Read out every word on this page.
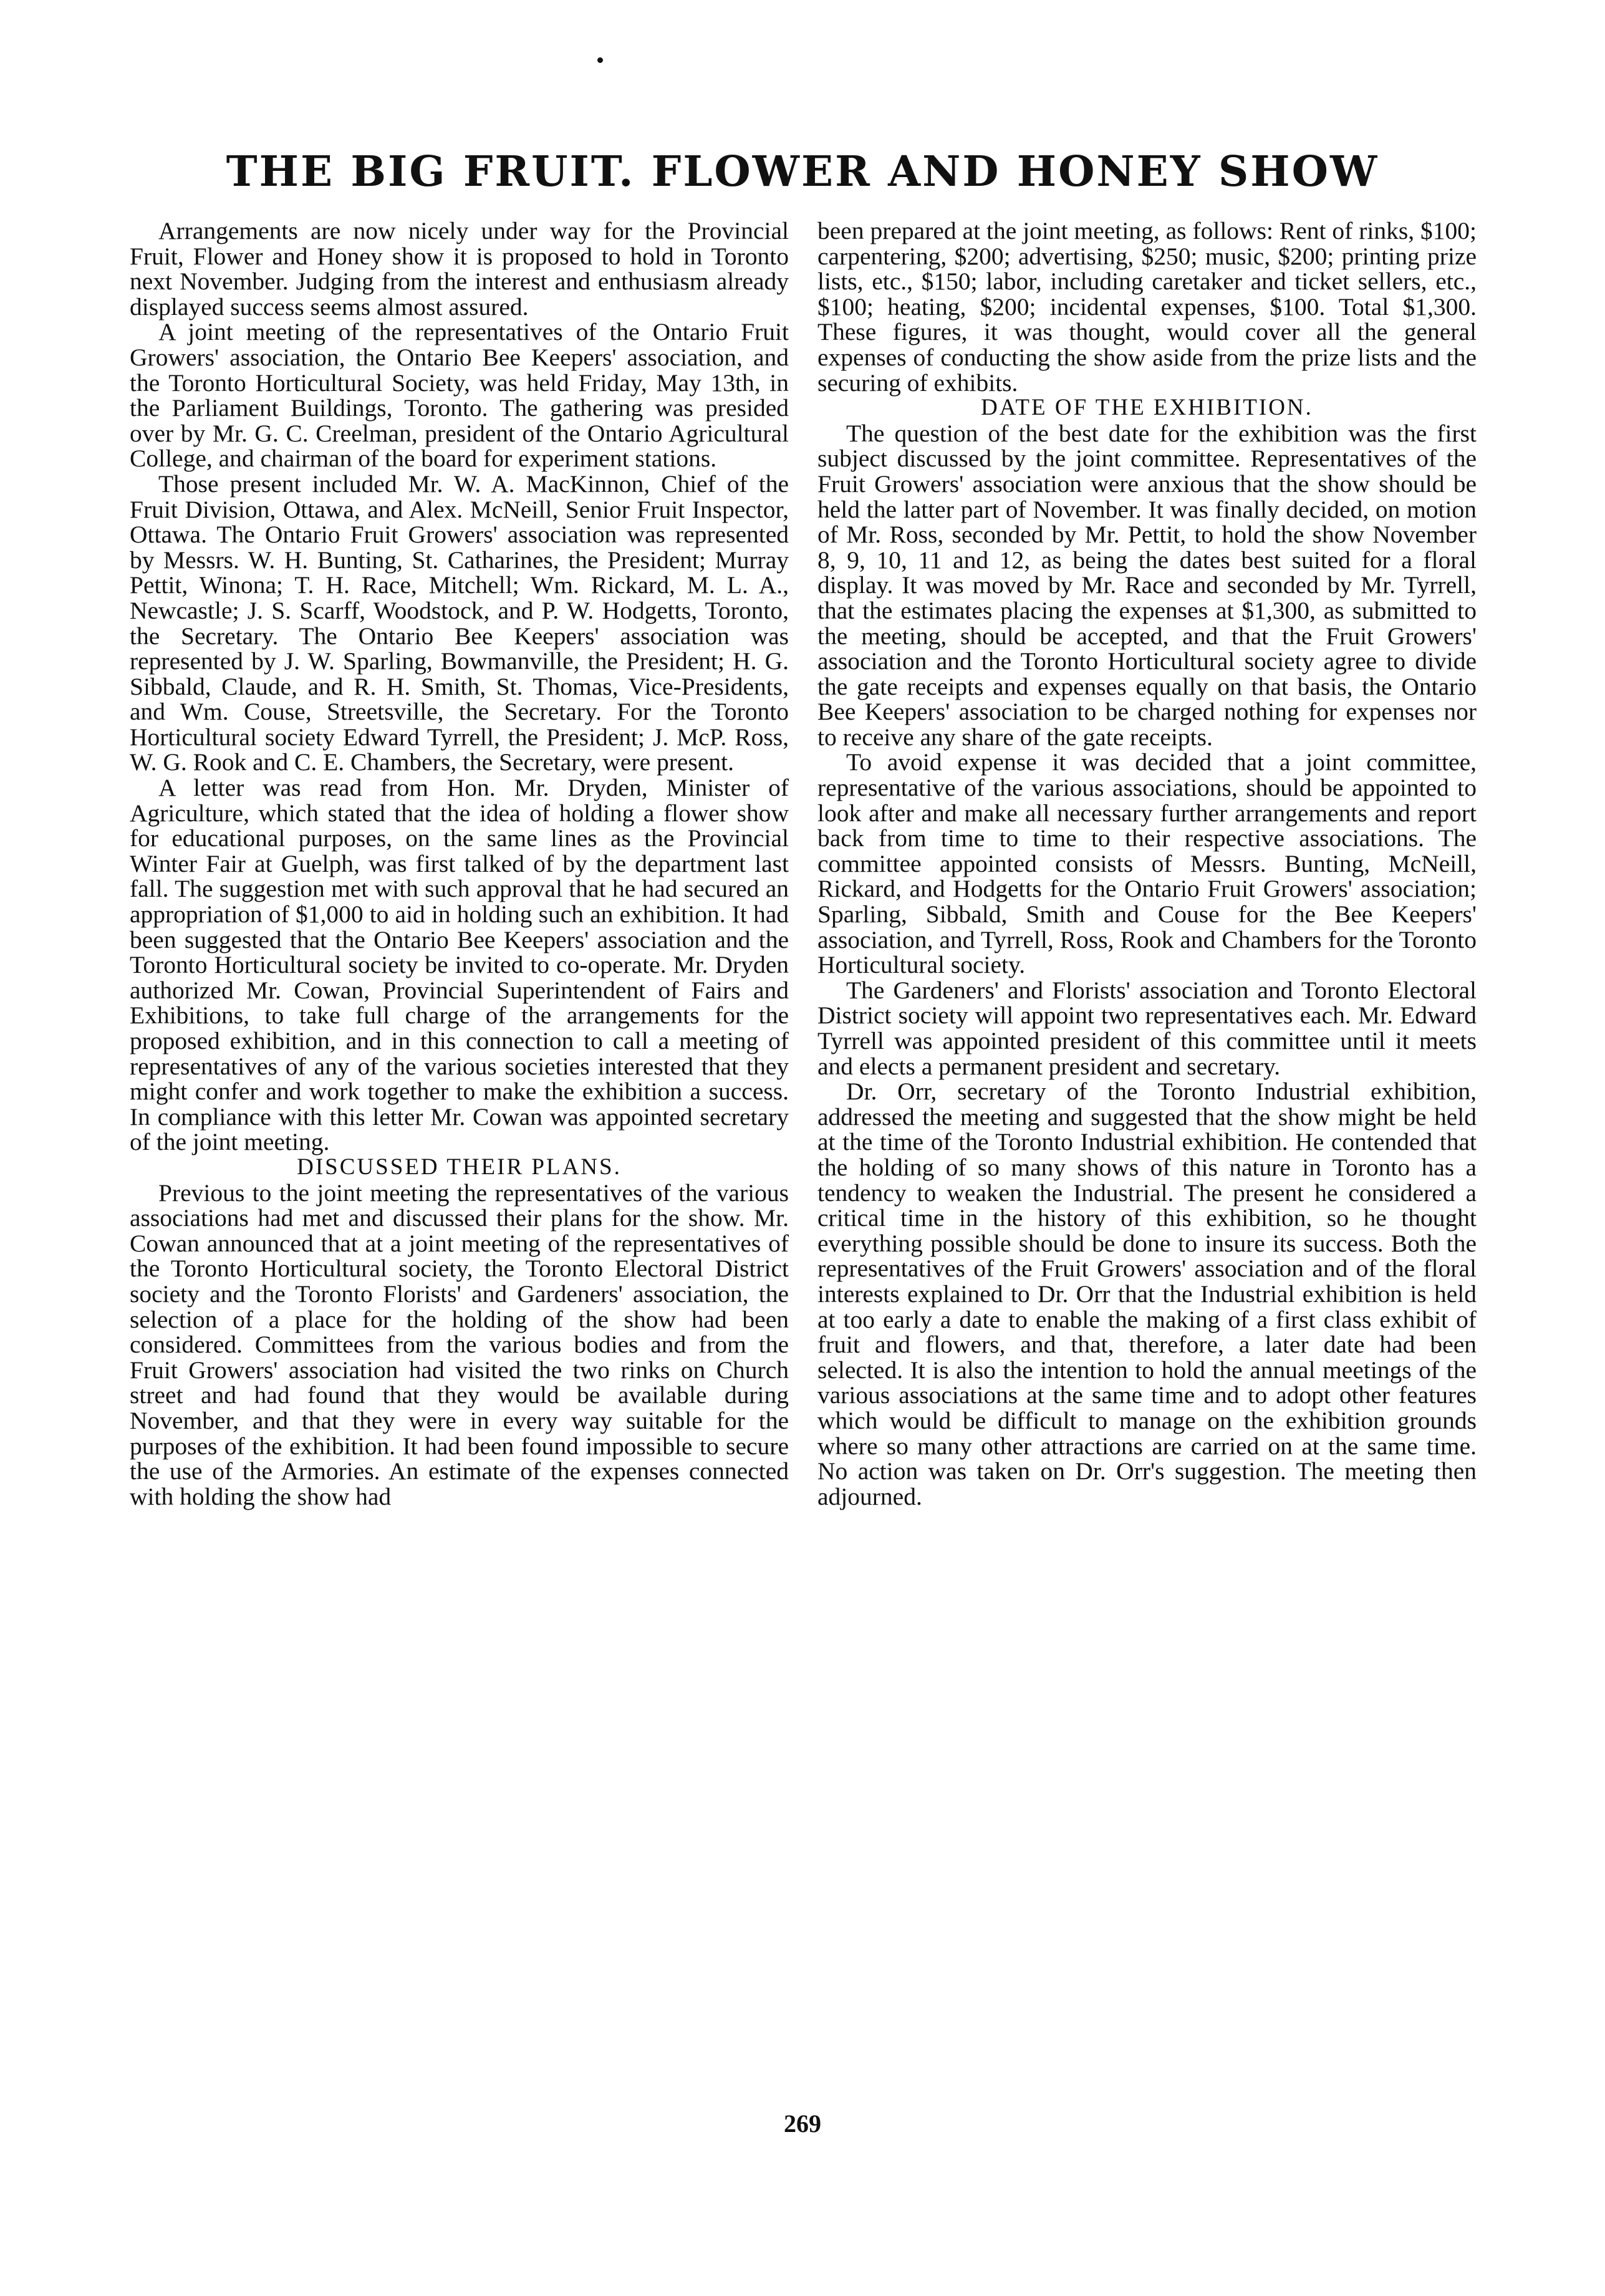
THE BIG FRUIT. FLOWER AND HONEY SHOW

Arrangements are now nicely under way for the Provincial Fruit, Flower and Honey show it is proposed to hold in Toronto next November. Judging from the interest and enthusiasm already displayed success seems almost assured.

A joint meeting of the representatives of the Ontario Fruit Growers' association, the Ontario Bee Keepers' association, and the Toronto Horticultural Society, was held Friday, May 13th, in the Parliament Buildings, Toronto. The gathering was presided over by Mr. G. C. Creelman, president of the Ontario Agricultural College, and chairman of the board for experiment stations.

Those present included Mr. W. A. MacKinnon, Chief of the Fruit Division, Ottawa, and Alex. McNeill, Senior Fruit Inspector, Ottawa. The Ontario Fruit Growers' association was represented by Messrs. W. H. Bunting, St. Catharines, the President; Murray Pettit, Winona; T. H. Race, Mitchell; Wm. Rickard, M. L. A., Newcastle; J. S. Scarff, Woodstock, and P. W. Hodgetts, Toronto, the Secretary. The Ontario Bee Keepers' association was represented by J. W. Sparling, Bowmanville, the President; H. G. Sibbald, Claude, and R. H. Smith, St. Thomas, Vice-Presidents, and Wm. Couse, Streetsville, the Secretary. For the Toronto Horticultural society Edward Tyrrell, the President; J. McP. Ross, W. G. Rook and C. E. Chambers, the Secretary, were present.

A letter was read from Hon. Mr. Dryden, Minister of Agriculture, which stated that the idea of holding a flower show for educational purposes, on the same lines as the Provincial Winter Fair at Guelph, was first talked of by the department last fall. The suggestion met with such approval that he had secured an appropriation of $1,000 to aid in holding such an exhibition. It had been suggested that the Ontario Bee Keepers' association and the Toronto Horticultural society be invited to co-operate. Mr. Dryden authorized Mr. Cowan, Provincial Superintendent of Fairs and Exhibitions, to take full charge of the arrangements for the proposed exhibition, and in this connection to call a meeting of representatives of any of the various societies interested that they might confer and work together to make the exhibition a success. In compliance with this letter Mr. Cowan was appointed secretary of the joint meeting.

DISCUSSED THEIR PLANS.

Previous to the joint meeting the representatives of the various associations had met and discussed their plans for the show. Mr. Cowan announced that at a joint meeting of the representatives of the Toronto Horticultural society, the Toronto Electoral District society and the Toronto Florists' and Gardeners' association, the selection of a place for the holding of the show had been considered. Committees from the various bodies and from the Fruit Growers' association had visited the two rinks on Church street and had found that they would be available during November, and that they were in every way suitable for the purposes of the exhibition. It had been found impossible to secure the use of the Armories. An estimate of the expenses connected with holding the show had

been prepared at the joint meeting, as follows: Rent of rinks, $100; carpentering, $200; advertising, $250; music, $200; printing prize lists, etc., $150; labor, including caretaker and ticket sellers, etc., $100; heating, $200; incidental expenses, $100. Total $1,300. These figures, it was thought, would cover all the general expenses of conducting the show aside from the prize lists and the securing of exhibits.

DATE OF THE EXHIBITION.

The question of the best date for the exhibition was the first subject discussed by the joint committee. Representatives of the Fruit Growers' association were anxious that the show should be held the latter part of November. It was finally decided, on motion of Mr. Ross, seconded by Mr. Pettit, to hold the show November 8, 9, 10, 11 and 12, as being the dates best suited for a floral display. It was moved by Mr. Race and seconded by Mr. Tyrrell, that the estimates placing the expenses at $1,300, as submitted to the meeting, should be accepted, and that the Fruit Growers' association and the Toronto Horticultural society agree to divide the gate receipts and expenses equally on that basis, the Ontario Bee Keepers' association to be charged nothing for expenses nor to receive any share of the gate receipts.

To avoid expense it was decided that a joint committee, representative of the various associations, should be appointed to look after and make all necessary further arrangements and report back from time to time to their respective associations. The committee appointed consists of Messrs. Bunting, McNeill, Rickard, and Hodgetts for the Ontario Fruit Growers' association; Sparling, Sibbald, Smith and Couse for the Bee Keepers' association, and Tyrrell, Ross, Rook and Chambers for the Toronto Horticultural society.

The Gardeners' and Florists' association and Toronto Electoral District society will appoint two representatives each. Mr. Edward Tyrrell was appointed president of this committee until it meets and elects a permanent president and secretary.

Dr. Orr, secretary of the Toronto Industrial exhibition, addressed the meeting and suggested that the show might be held at the time of the Toronto Industrial exhibition. He contended that the holding of so many shows of this nature in Toronto has a tendency to weaken the Industrial. The present he considered a critical time in the history of this exhibition, so he thought everything possible should be done to insure its success. Both the representatives of the Fruit Growers' association and of the floral interests explained to Dr. Orr that the Industrial exhibition is held at too early a date to enable the making of a first class exhibit of fruit and flowers, and that, therefore, a later date had been selected. It is also the intention to hold the annual meetings of the various associations at the same time and to adopt other features which would be difficult to manage on the exhibition grounds where so many other attractions are carried on at the same time. No action was taken on Dr. Orr's suggestion. The meeting then adjourned.

269
